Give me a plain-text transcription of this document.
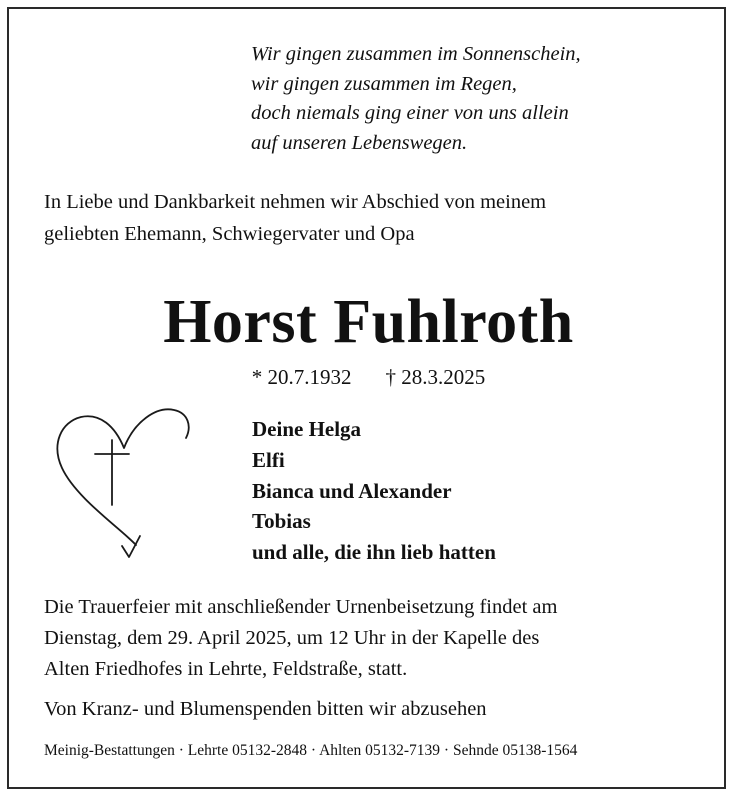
Wir gingen zusammen im Sonnenschein,
wir gingen zusammen im Regen,
doch niemals ging einer von uns allein
auf unseren Lebenswegen.
In Liebe und Dankbarkeit nehmen wir Abschied von meinem
geliebten Ehemann, Schwiegervater und Opa
Horst Fuhlroth
* 20.7.1932 † 28.3.2025
Deine Helga
Elfi
Bianca und Alexander
Tobias
und alle, die ihn lieb hatten
Die Trauerfeier mit anschließender Urnenbeisetzung findet am
Dienstag, dem 29. April 2025, um 12 Uhr in der Kapelle des
Alten Friedhofes in Lehrte, Feldstraße, statt.
Von Kranz- und Blumenspenden bitten wir abzusehen
Meinig-Bestattungen · Lehrte 05132-2848 · Ahlten 05132-7139 · Sehnde 05138-1564
